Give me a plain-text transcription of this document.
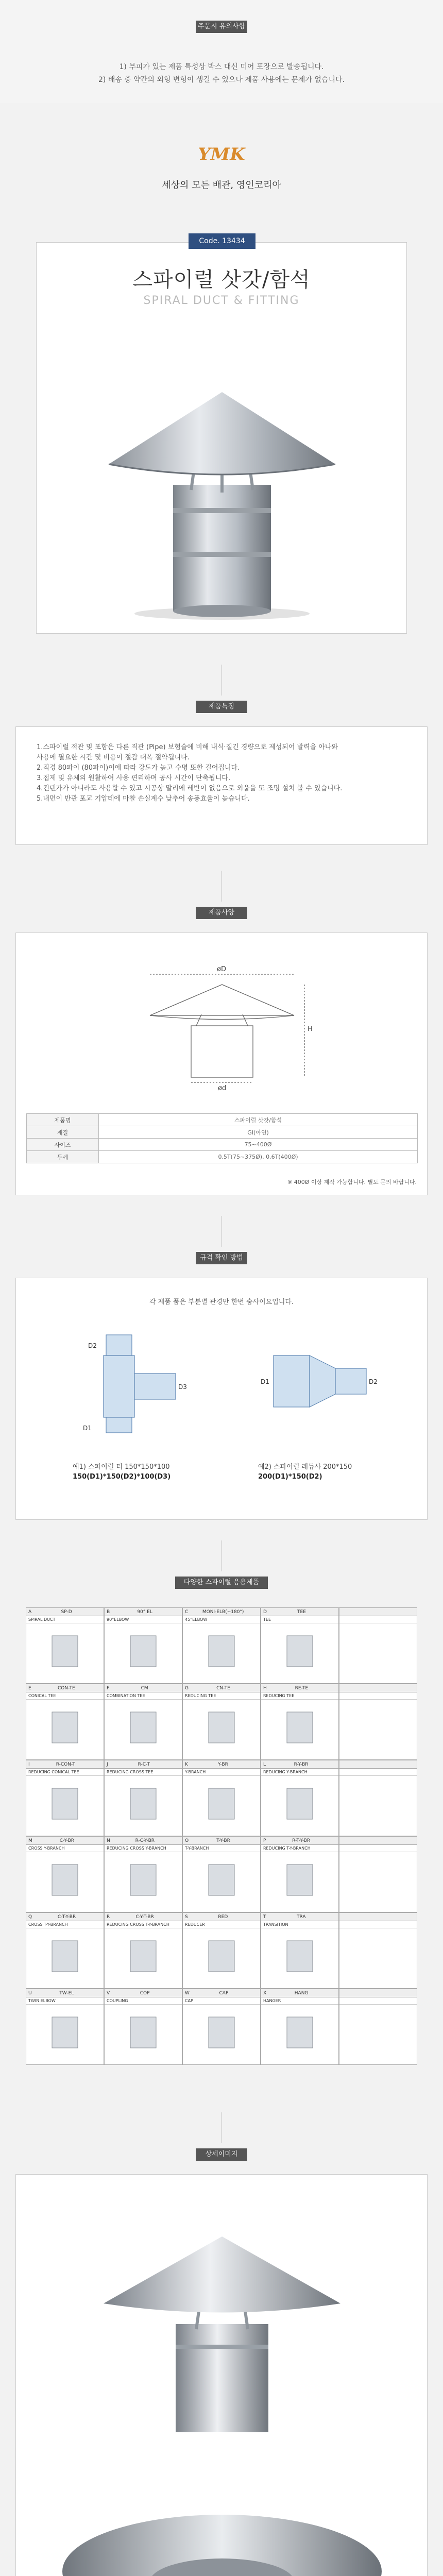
주문시 유의사항
1) 부피가 있는 제품 특성상 박스 대신 미어 포장으로 발송됩니다.
2) 배송 중 약간의 외형 변형이 생길 수 있으나 제품 사용에는 문제가 없습니다.
YMK
세상의 모든 배관, 영인코리아
Code. 13434
스파이럴 삿갓/함석
SPIRAL DUCT & FITTING
제품특징
1.스파이럴 적관 및 포함은 다른 직관 (Pipe) 보험술에 비해 내식·질긴 경량으로 제성되어 발력을 아나와
사용에 필요한 시간 및 비용이 절감 대폭 절약됩니다.
2.직경 80파이 (80파이)이에 따라 강도가 높고 수명 또한 길어집니다.
3.접제 및 유체의 원활하여 사용 편리하며 공사 시간이 단축됩니다.
4.컨텐가가 아니라도 사용할 수 있고 시공상 말리에 레반이 없음으로 외웁을 또 조명 설치 볼 수 있습니다.
5.내면이 반관 포교 기압테에 마찰 손실계수 낮추어 송풍효율이 높습니다.
제품사양
øD
H
ød
제품명	스파이럴 삿갓/함석
재질	GI(아연)
사이즈	75~400Ø
두께	0.5T(75~375Ø), 0.6T(400Ø)
※ 400Ø 이상 제작 가능합니다. 별도 문의 바랍니다.
규격 확인 방법
각 제품 품은 부분별 관경만 한번 숨사이요입니다.
D2
D1
D3
D1	D2
예1) 스파이럴 티 150*150*100
150(D1)*150(D2)*100(D3)
예2) 스파이럴 레듀샤 200*150
200(D1)*150(D2)
다양한 스파이럴 응용제품
A	SP-D
SPIRAL DUCT
B	90° EL
90°ELBOW
C	MONI-ELB(~180°)
45°ELBOW
D	TEE
TEE
E	CON-TE
CONICAL TEE
F	CM
COMBINATION TEE
G	CN-TE
REDUCING TEE
H	RE-TE
REDUCING TEE
I	R-CON-T
REDUCING CONICAL TEE
J	R-C-T
REDUCING CROSS TEE
K	Y-BR
Y-BRANCH
L	R-Y-BR
REDUCING Y-BRANCH
M	C-Y-BR
CROSS Y-BRANCH
N	R-C-Y-BR
REDUCING CROSS Y-BRANCH
O	T-Y-BR
T-Y-BRANCH
P	R-T-Y-BR
REDUCING T-Y-BRANCH
Q	C-T-Y-BR
CROSS T-Y-BRANCH
R	C-Y-T-BR
REDUCING CROSS T-Y-BRANCH
S	RED
REDUCER
T	TRA
TRANSITION
U	TW-EL
TWIN ELBOW
V	COP
COUPLING
W	CAP
CAP
X	HANG
HANGER
상세이미지
